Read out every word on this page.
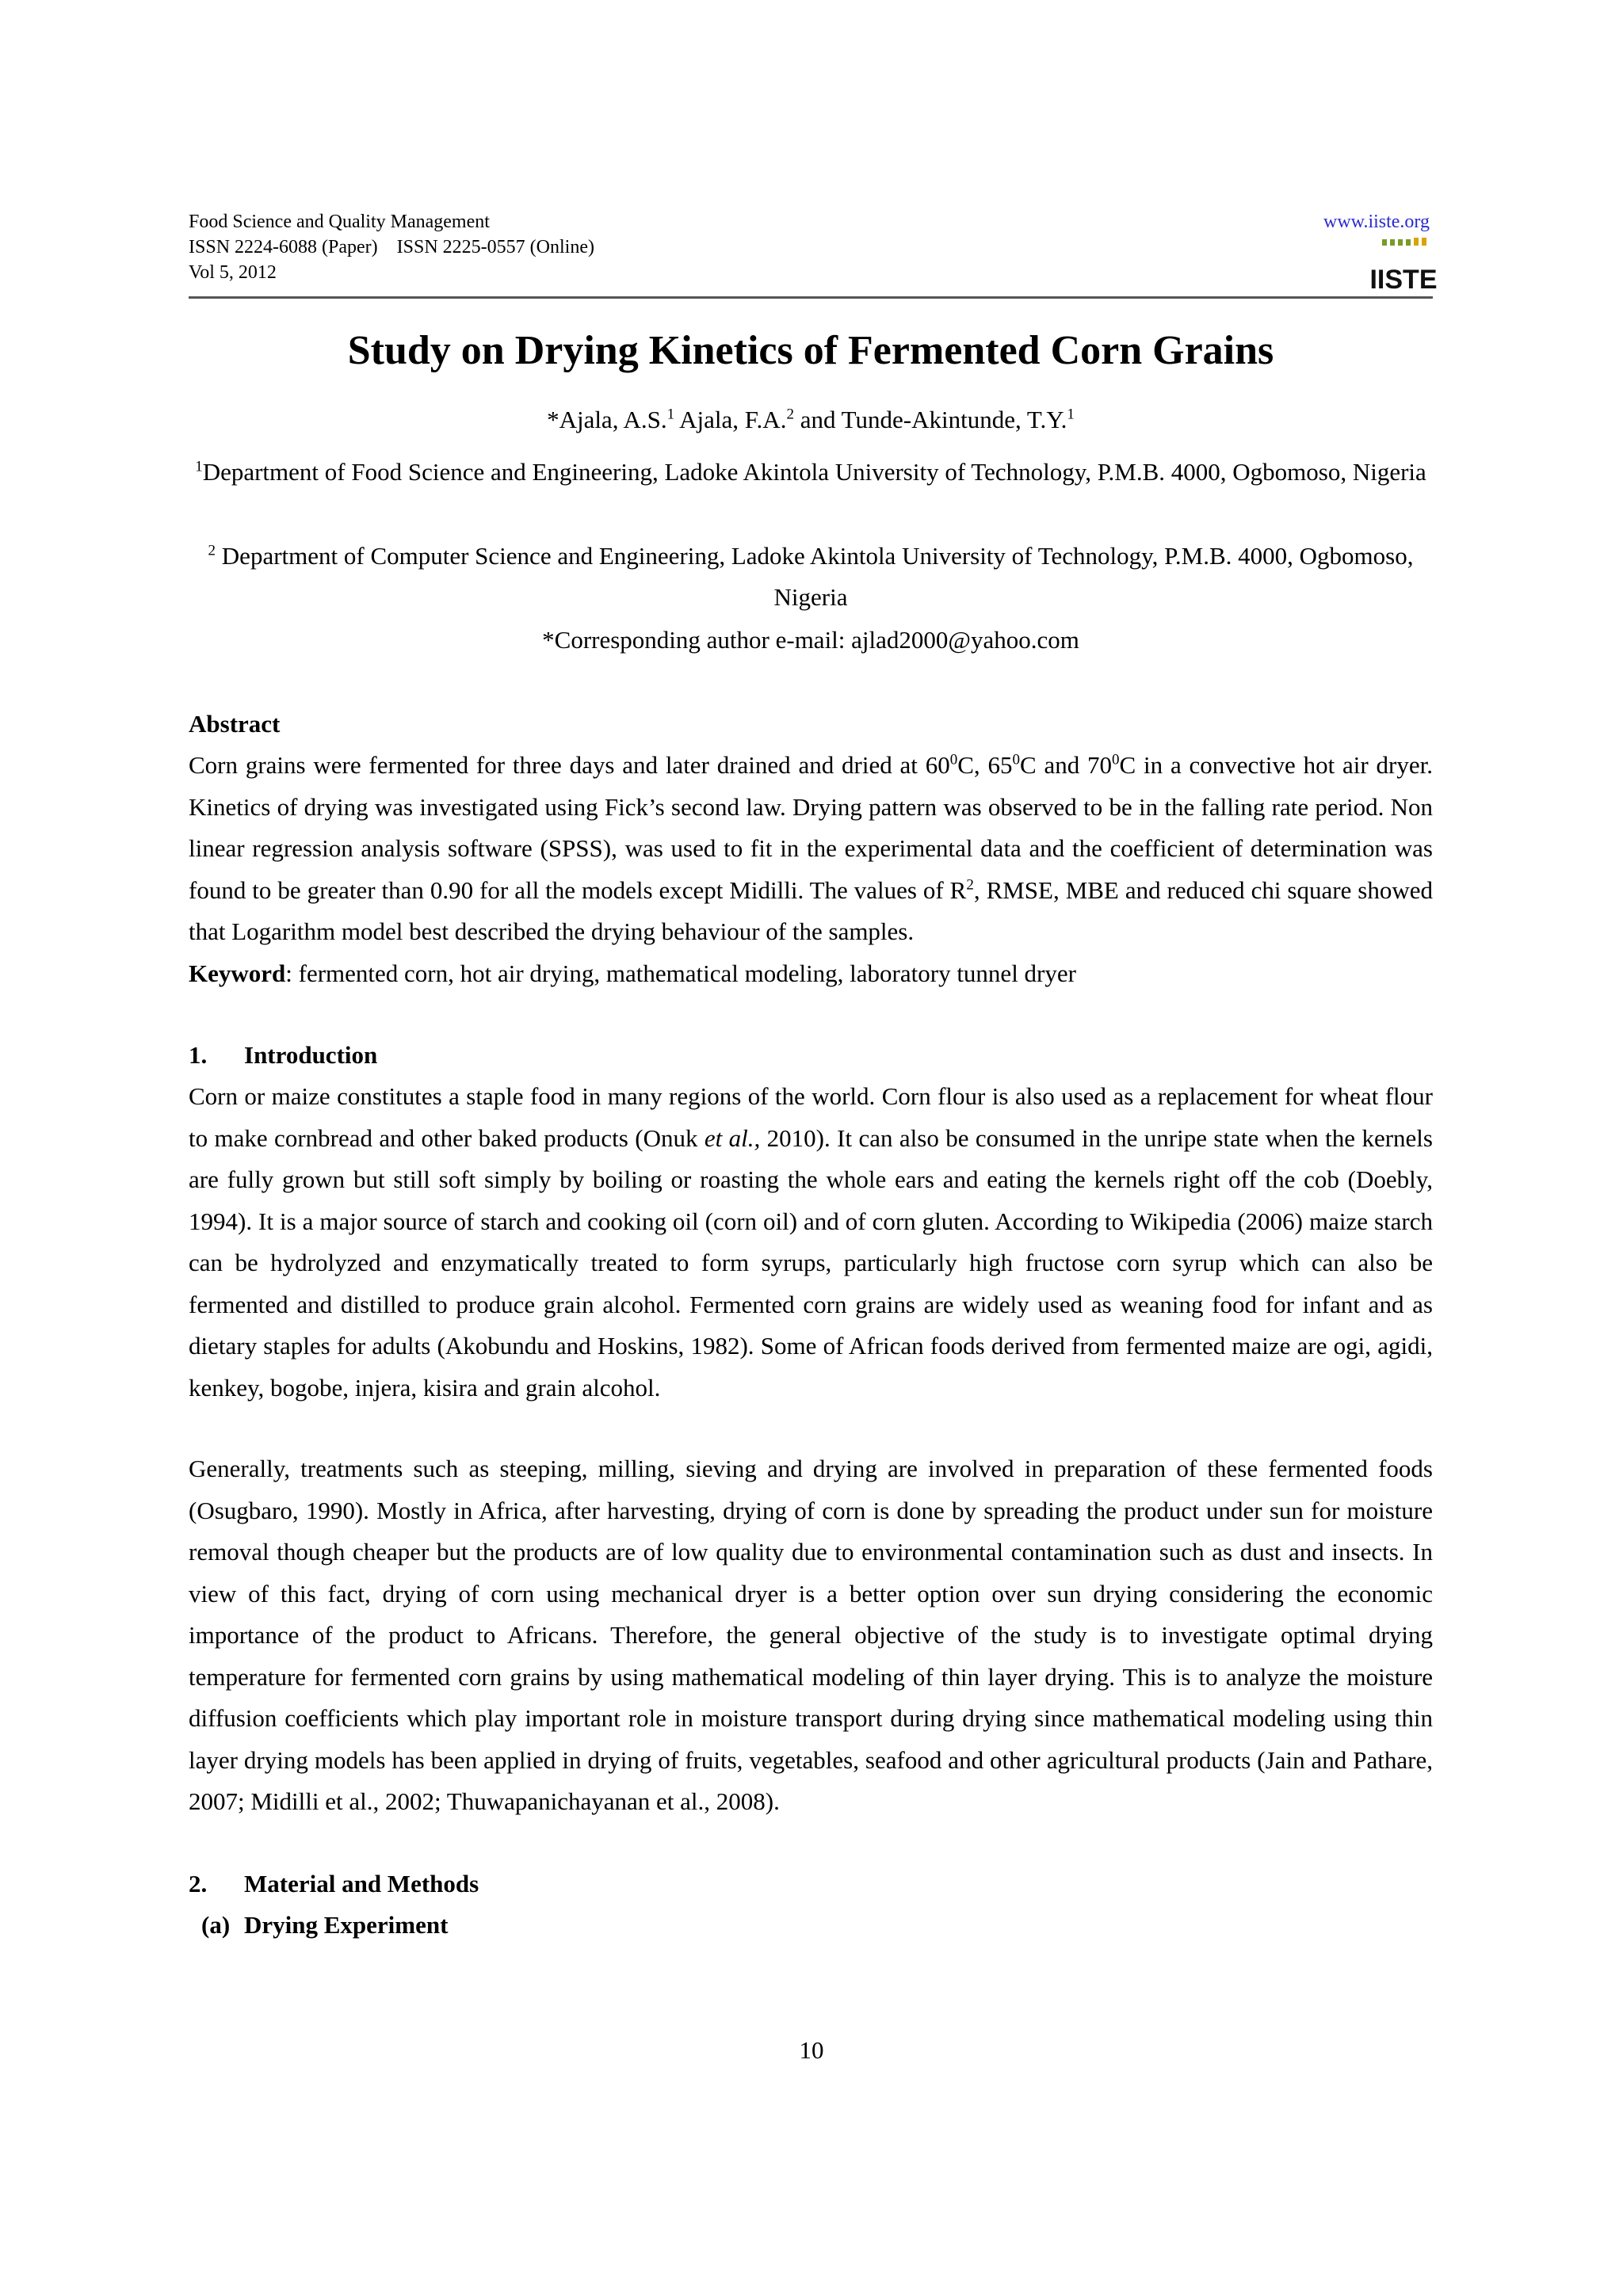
Food Science and Quality Management
ISSN 2224-6088 (Paper)    ISSN 2225-0557 (Online)
Vol 5, 2012
www.iiste.org
IISTE
Study on Drying Kinetics of Fermented Corn Grains
*Ajala, A.S.$^1$ Ajala, F.A.$^2$ and Tunde-Akintunde, T.Y.$^1$
$^1$Department of Food Science and Engineering, Ladoke Akintola University of Technology, P.M.B. 4000, Ogbomoso, Nigeria
$^2$ Department of Computer Science and Engineering, Ladoke Akintola University of Technology, P.M.B. 4000, Ogbomoso, Nigeria
*Corresponding author e-mail: ajlad2000@yahoo.com
Abstract
Corn grains were fermented for three days and later drained and dried at $60^0C$, $65^0C$ and $70^0C$ in a convective hot air dryer. Kinetics of drying was investigated using Fick’s second law. Drying pattern was observed to be in the falling rate period. Non linear regression analysis software (SPSS), was used to fit in the experimental data and the coefficient of determination was found to be greater than 0.90 for all the models except Midilli. The values of $R^2$, RMSE, MBE and reduced chi square showed that Logarithm model best described the drying behaviour of the samples.
Keyword: fermented corn, hot air drying, mathematical modeling, laboratory tunnel dryer
1. Introduction
Corn or maize constitutes a staple food in many regions of the world. Corn flour is also used as a replacement for wheat flour to make cornbread and other baked products (Onuk et al., 2010). It can also be consumed in the unripe state when the kernels are fully grown but still soft simply by boiling or roasting the whole ears and eating the kernels right off the cob (Doebly, 1994). It is a major source of starch and cooking oil (corn oil) and of corn gluten. According to Wikipedia (2006) maize starch can be hydrolyzed and enzymatically treated to form syrups, particularly high fructose corn syrup which can also be fermented and distilled to produce grain alcohol. Fermented corn grains are widely used as weaning food for infant and as dietary staples for adults (Akobundu and Hoskins, 1982). Some of African foods derived from fermented maize are ogi, agidi, kenkey, bogobe, injera, kisira and grain alcohol.
Generally, treatments such as steeping, milling, sieving and drying are involved in preparation of these fermented foods (Osugbaro, 1990). Mostly in Africa, after harvesting, drying of corn is done by spreading the product under sun for moisture removal though cheaper but the products are of low quality due to environmental contamination such as dust and insects. In view of this fact, drying of corn using mechanical dryer is a better option over sun drying considering the economic importance of the product to Africans. Therefore, the general objective of the study is to investigate optimal drying temperature for fermented corn grains by using mathematical modeling of thin layer drying. This is to analyze the moisture diffusion coefficients which play important role in moisture transport during drying since mathematical modeling using thin layer drying models has been applied in drying of fruits, vegetables, seafood and other agricultural products (Jain and Pathare, 2007; Midilli et al., 2002; Thuwapanichayanan et al., 2008).
2. Material and Methods
(a) Drying Experiment
10
